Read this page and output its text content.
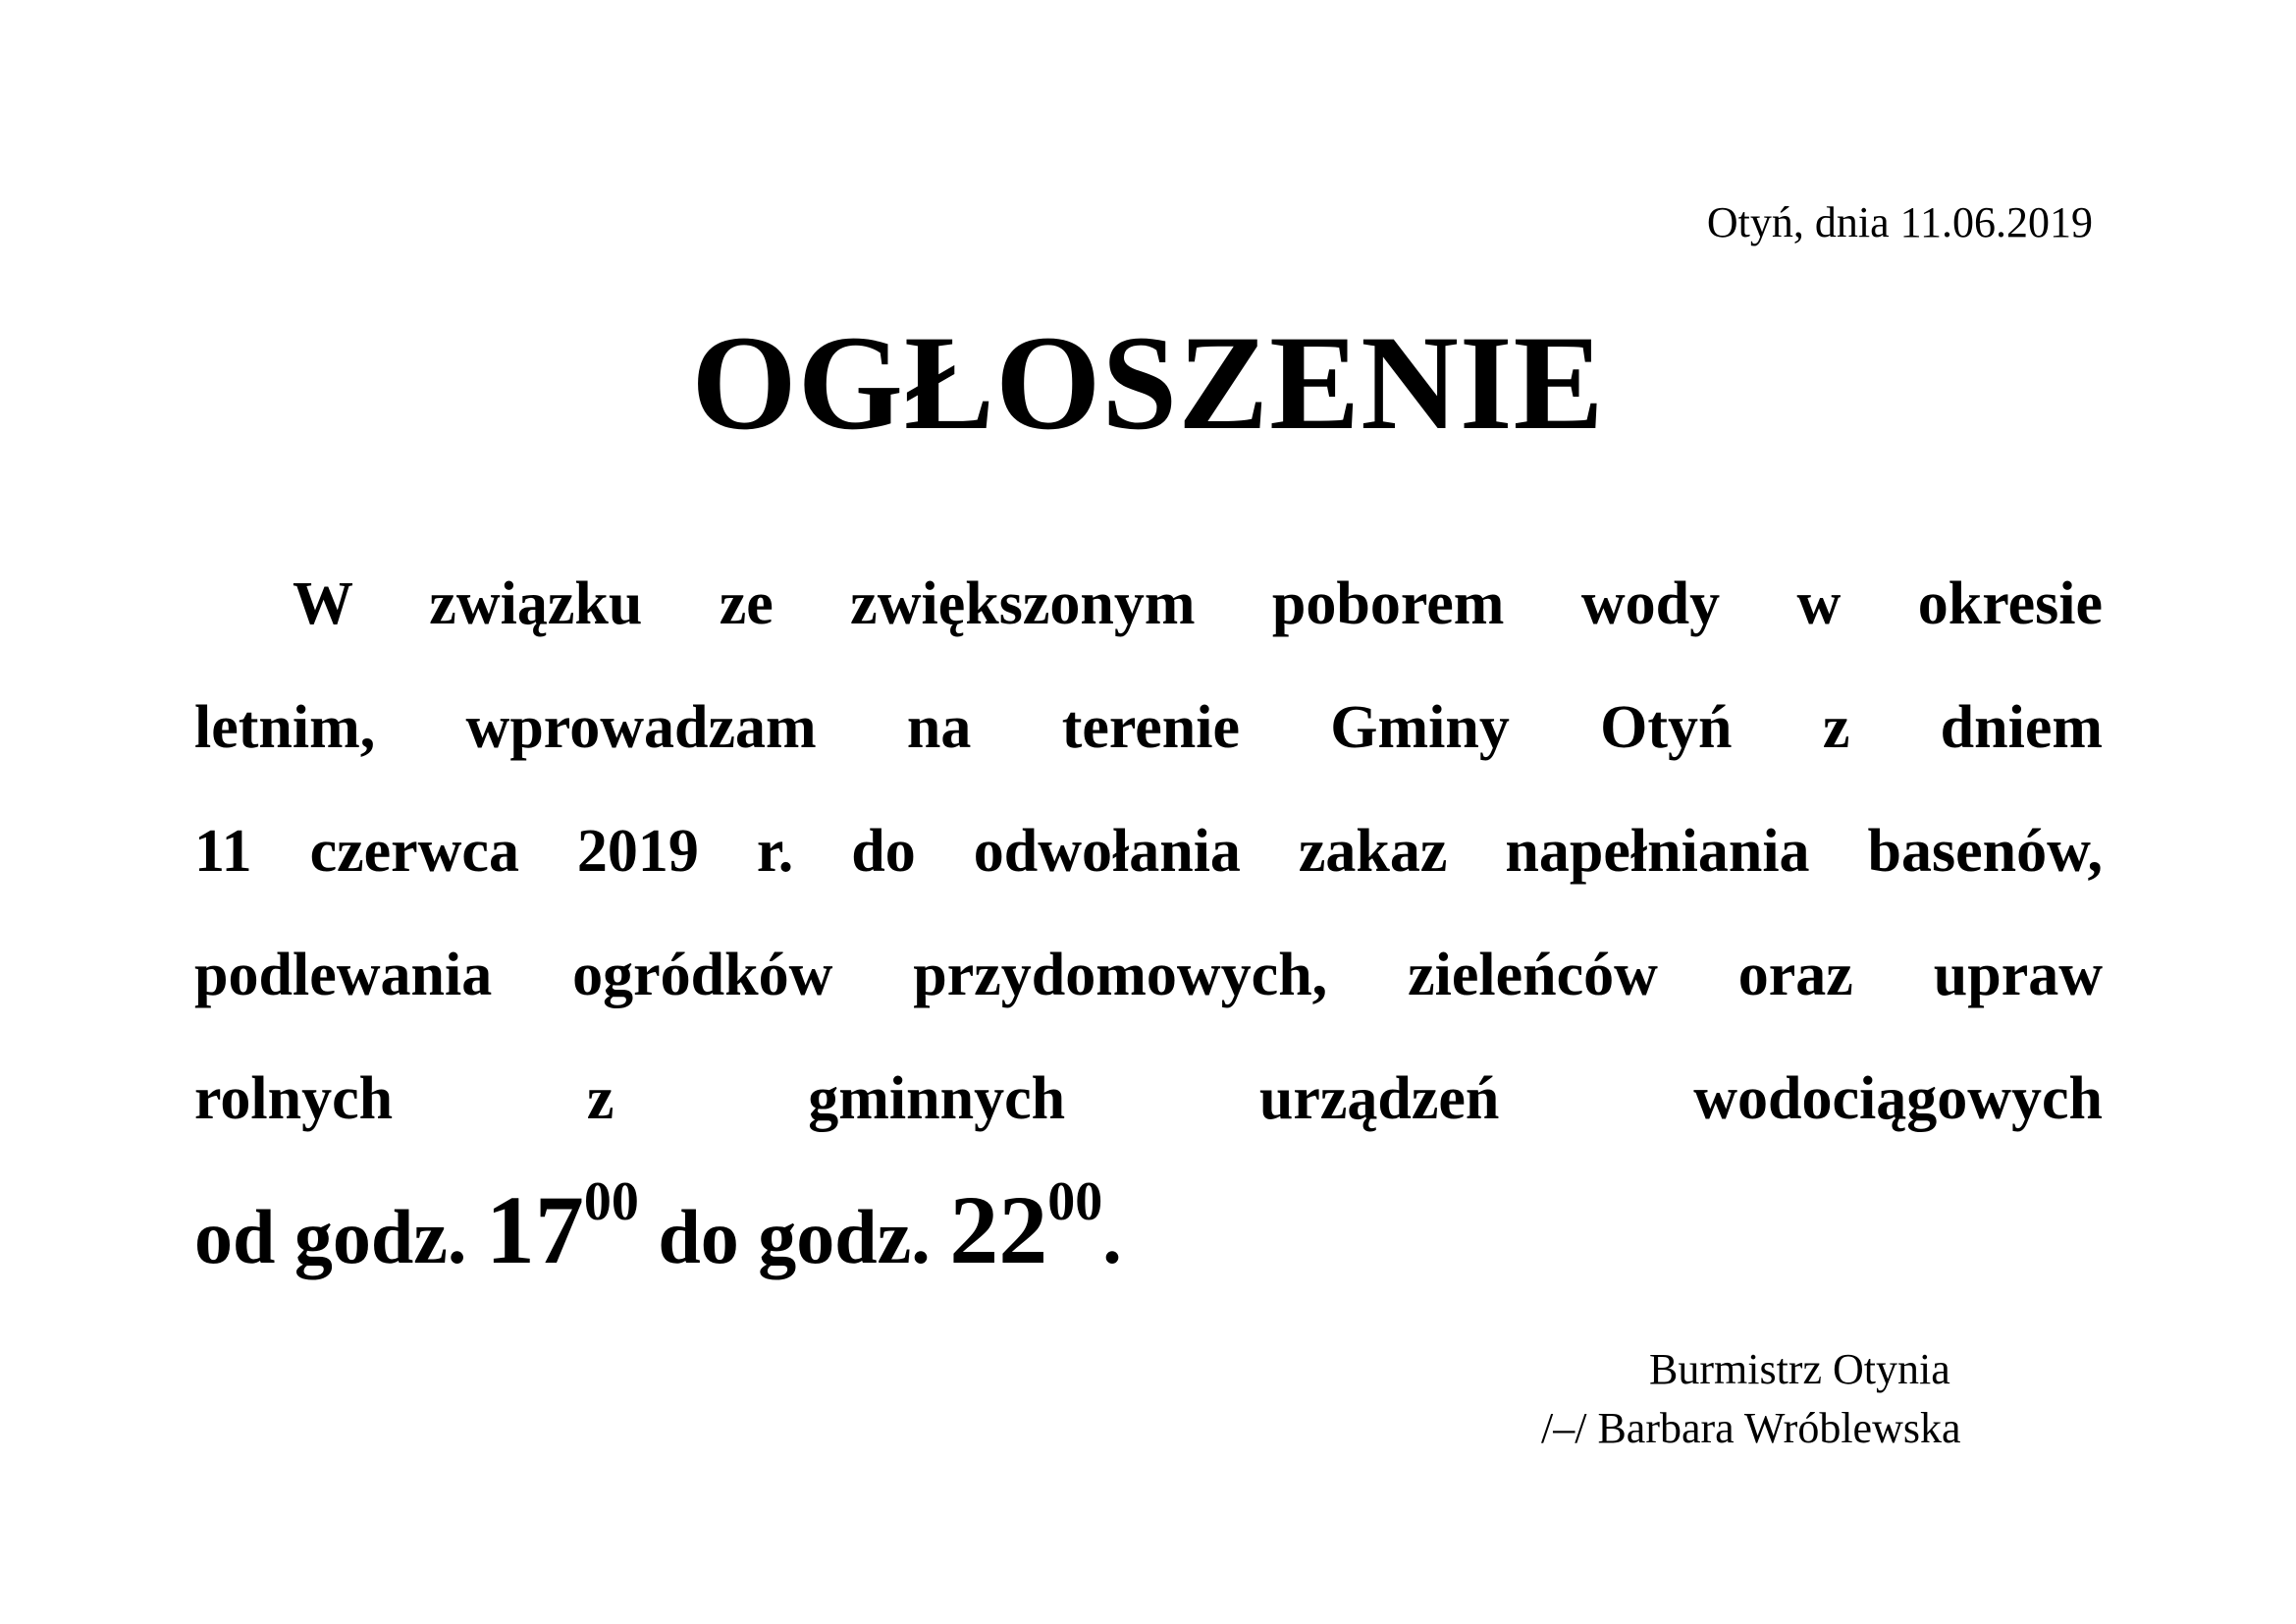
Otyń, dnia 11.06.2019
OGŁOSZENIE
W związku ze zwiększonym poborem wody w okresie
letnim, wprowadzam na terenie Gminy Otyń z dniem
11 czerwca 2019 r. do odwołania zakaz napełniania basenów,
podlewania ogródków przydomowych, zieleńców oraz upraw
rolnych z gminnych urządzeń wodociągowych
od godz. $17^{00}$ do godz. $22^{00}$.
Burmistrz Otynia
/–/ Barbara Wróblewska
